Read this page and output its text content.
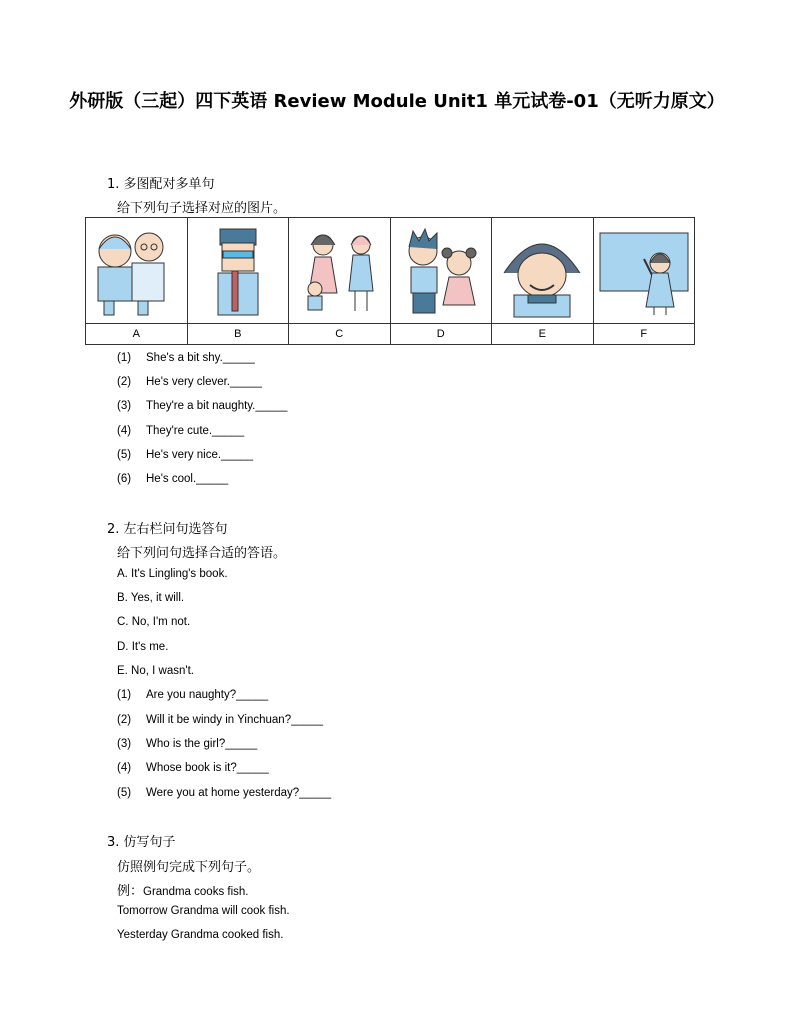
外研版（三起）四下英语 Review Module Unit1 单元试卷-01（无听力原文）
1. 多图配对多单句
给下列句子选择对应的图片。

A	B	C	D	E	F
(1) She's a bit shy._____
(2) He's very clever._____
(3) They're a bit naughty._____
(4) They're cute._____
(5) He's very nice._____
(6) He's cool._____
2. 左右栏问句选答句
给下列问句选择合适的答语。
A. It's Lingling's book.
B. Yes, it will.
C. No, I'm not.
D. It's me.
E. No, I wasn't.
(1) Are you naughty?_____
(2) Will it be windy in Yinchuan?_____
(3) Who is the girl?_____
(4) Whose book is it?_____
(5) Were you at home yesterday?_____
3. 仿写句子
仿照例句完成下列句子。
例：Grandma cooks fish.
Tomorrow Grandma will cook fish.
Yesterday Grandma cooked fish.
